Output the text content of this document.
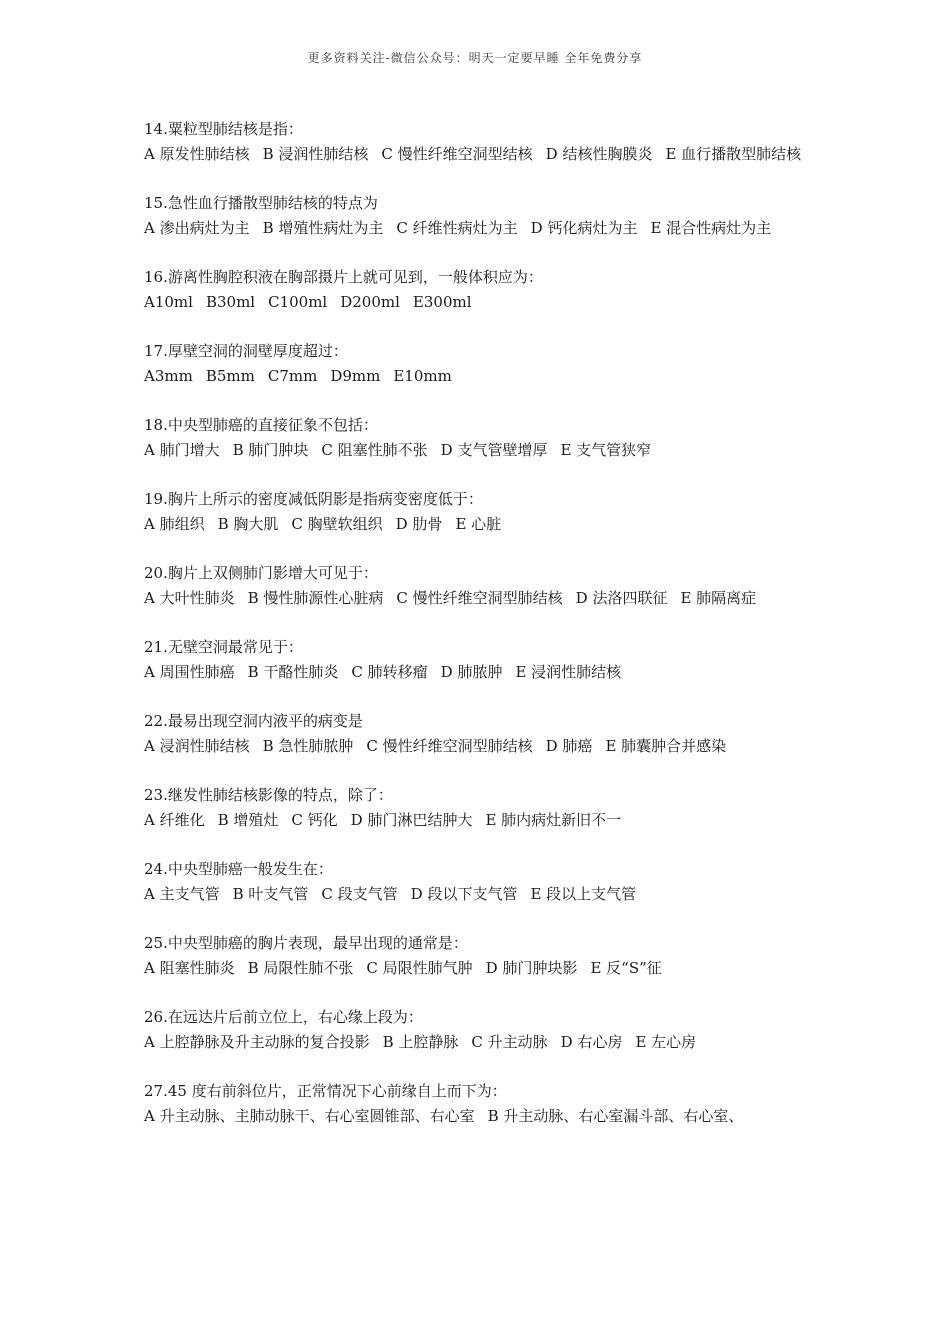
更多资料关注-微信公众号：明天一定要早睡 全年免费分享
14.粟粒型肺结核是指：
A 原发性肺结核 B 浸润性肺结核 C 慢性纤维空洞型结核 D 结核性胸膜炎 E 血行播散型肺结核
15.急性血行播散型肺结核的特点为
A 渗出病灶为主 B 增殖性病灶为主 C 纤维性病灶为主 D 钙化病灶为主 E 混合性病灶为主
16.游离性胸腔积液在胸部摄片上就可见到，一般体积应为：
A10ml B30ml C100ml D200ml E300ml
17.厚壁空洞的洞壁厚度超过：
A3mm B5mm C7mm D9mm E10mm
18.中央型肺癌的直接征象不包括：
A 肺门增大 B 肺门肿块 C 阻塞性肺不张 D 支气管壁增厚 E 支气管狭窄
19.胸片上所示的密度减低阴影是指病变密度低于：
A 肺组织 B 胸大肌 C 胸壁软组织 D 肋骨 E 心脏
20.胸片上双侧肺门影增大可见于：
A 大叶性肺炎 B 慢性肺源性心脏病 C 慢性纤维空洞型肺结核 D 法洛四联征 E 肺隔离症
21.无壁空洞最常见于：
A 周围性肺癌 B 干酪性肺炎 C 肺转移瘤 D 肺脓肿 E 浸润性肺结核
22.最易出现空洞内液平的病变是
A 浸润性肺结核 B 急性肺脓肿 C 慢性纤维空洞型肺结核 D 肺癌 E 肺囊肿合并感染
23.继发性肺结核影像的特点，除了：
A 纤维化 B 增殖灶 C 钙化 D 肺门淋巴结肿大 E 肺内病灶新旧不一
24.中央型肺癌一般发生在：
A 主支气管 B 叶支气管 C 段支气管 D 段以下支气管 E 段以上支气管
25.中央型肺癌的胸片表现，最早出现的通常是：
A 阻塞性肺炎 B 局限性肺不张 C 局限性肺气肿 D 肺门肿块影 E 反“S”征
26.在远达片后前立位上，右心缘上段为：
A 上腔静脉及升主动脉的复合投影 B 上腔静脉 C 升主动脉 D 右心房 E 左心房
27.45 度右前斜位片，正常情况下心前缘自上而下为：
A 升主动脉、主肺动脉干、右心室圆锥部、右心室 B 升主动脉、右心室漏斗部、右心室、
